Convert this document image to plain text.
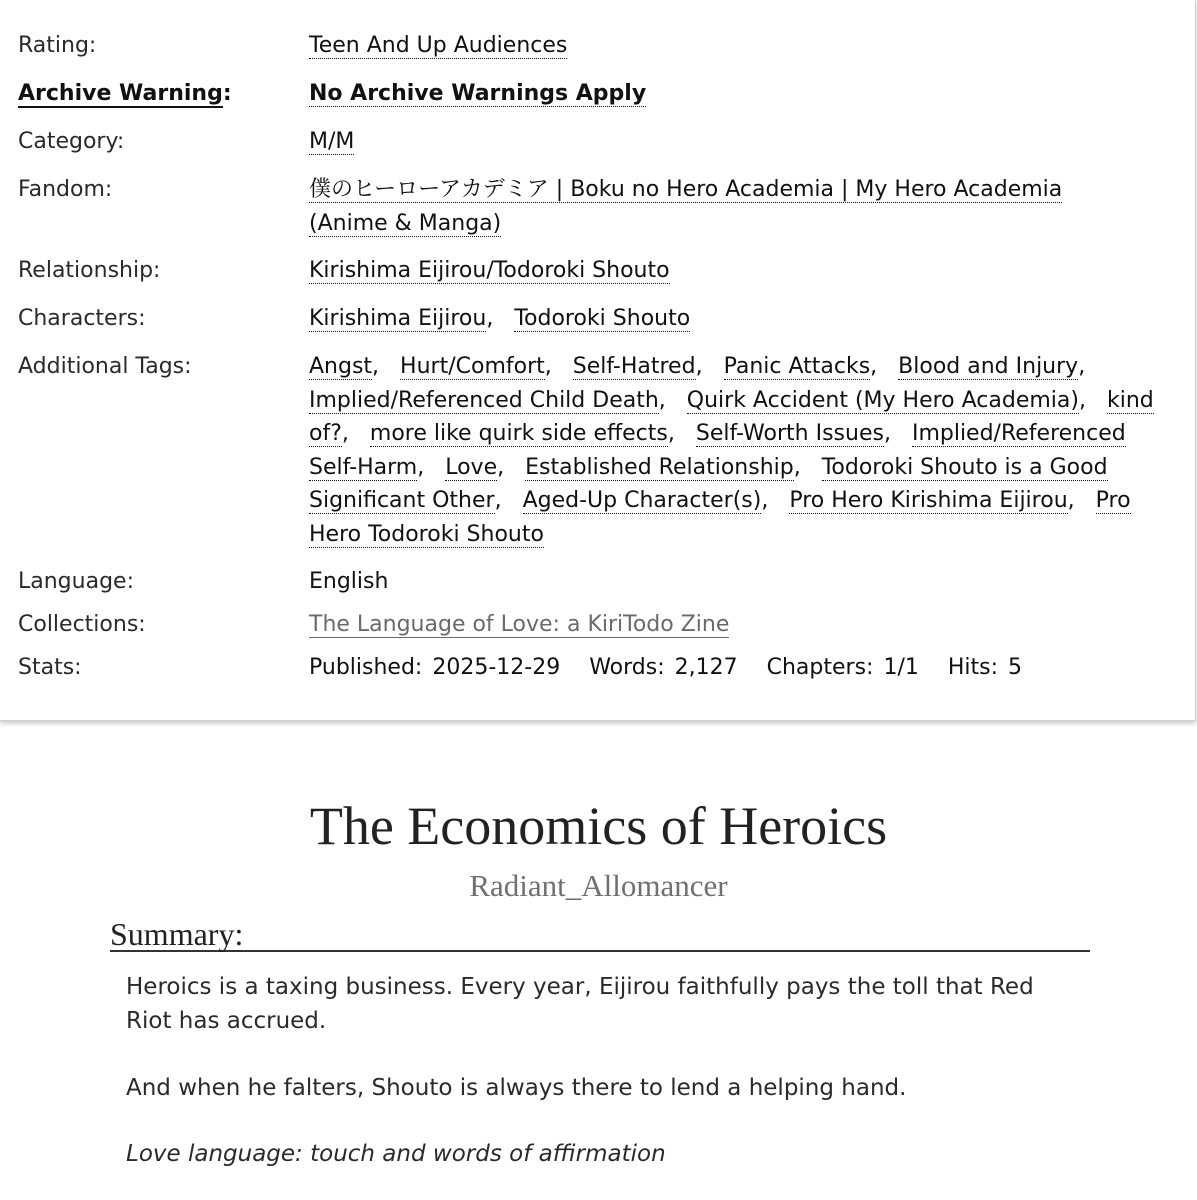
Rating:	Teen And Up Audiences
Archive Warning:	No Archive Warnings Apply
Category:	M/M
Fandom:	僕のヒーローアカデミア | Boku no Hero Academia | My Hero Academia (Anime & Manga)
Relationship:	Kirishima Eijirou/Todoroki Shouto
Characters:	Kirishima Eijirou, Todoroki Shouto
Additional Tags:	Angst, Hurt/Comfort, Self-Hatred, Panic Attacks, Blood and Injury, Implied/Referenced Child Death, Quirk Accident (My Hero Academia), kind of?, more like quirk side effects, Self-Worth Issues, Implied/Referenced Self-Harm, Love, Established Relationship, Todoroki Shouto is a Good Significant Other, Aged-Up Character(s), Pro Hero Kirishima Eijirou, Pro Hero Todoroki Shouto
Language:	English
Collections:	The Language of Love: a KiriTodo Zine
Stats:	Published: 2025-12-29 Words: 2,127 Chapters: 1/1 Hits: 5
The Economics of Heroics
Radiant_Allomancer
Summary:
Heroics is a taxing business. Every year, Eijirou faithfully pays the toll that Red Riot has accrued.
And when he falters, Shouto is always there to lend a helping hand.
Love language: touch and words of affirmation
